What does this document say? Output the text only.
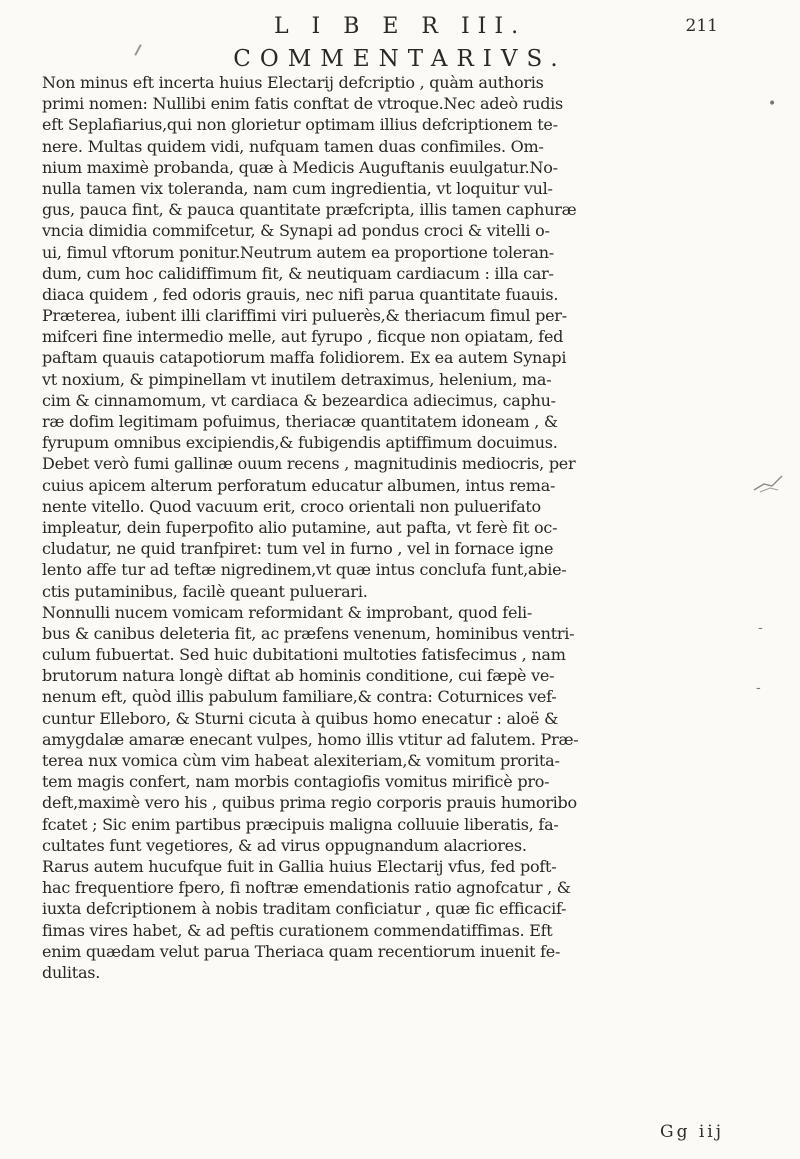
L I B E R III.	211
COMMENTARIVS.
Non minus eft incerta huius Electarij defcriptio , quàm authoris
primi nomen: Nullibi enim fatis conftat de vtroque.Nec adeò rudis
eft Seplafiarius,qui non glorietur optimam illius defcriptionem te-
nere. Multas quidem vidi, nufquam tamen duas confimiles. Om-
nium maximè probanda, quæ à Medicis Auguftanis euulgatur.No-
nulla tamen vix toleranda, nam cum ingredientia, vt loquitur vul-
gus, pauca fint, & pauca quantitate præfcripta, illis tamen caphuræ
vncia dimidia commifcetur, & Synapi ad pondus croci & vitelli o-
ui, fimul vftorum ponitur.Neutrum autem ea proportione toleran-
dum, cum hoc calidiffimum fit, & neutiquam cardiacum : illa car-
diaca quidem , fed odoris grauis, nec nifi parua quantitate fuauis.
Præterea, iubent illi clariffimi viri puluerès,& theriacum fimul per-
mifceri fine intermedio melle, aut fyrupo , ficque non opiatam, fed
paftam quauis catapotiorum maffa folidiorem. Ex ea autem Synapi
vt noxium, & pimpinellam vt inutilem detraximus, helenium, ma-
cim & cinnamomum, vt cardiaca & bezeardica adiecimus, caphu-
ræ dofim legitimam pofuimus, theriacæ quantitatem idoneam , &
fyrupum omnibus excipiendis,& fubigendis aptiffimum docuimus.
Debet verò fumi gallinæ ouum recens , magnitudinis mediocris, per
cuius apicem alterum perforatum educatur albumen, intus rema-
nente vitello. Quod vacuum erit, croco orientali non puluerifato
impleatur, dein fuperpofito alio putamine, aut pafta, vt ferè fit oc-
cludatur, ne quid tranfpiret: tum vel in furno , vel in fornace igne
lento affe tur ad teftæ nigredinem,vt quæ intus conclufa funt,abie-
ctis putaminibus, facilè queant puluerari.
Nonnulli nucem vomicam reformidant & improbant, quod feli-
bus & canibus deleteria fit, ac præfens venenum, hominibus ventri-
culum fubuertat. Sed huic dubitationi multoties fatisfecimus , nam
brutorum natura longè diftat ab hominis conditione, cui fæpè ve-
nenum eft, quòd illis pabulum familiare,& contra: Coturnices vef-
cuntur Elleboro, & Sturni cicuta à quibus homo enecatur : aloë &
amygdalæ amaræ enecant vulpes, homo illis vtitur ad falutem. Præ-
terea nux vomica cùm vim habeat alexiteriam,& vomitum prorita-
tem magis confert, nam morbis contagiofis vomitus mirificè pro-
deft,maximè vero his , quibus prima regio corporis prauis humoribo
fcatet ; Sic enim partibus præcipuis maligna colluuie liberatis, fa-
cultates funt vegetiores, & ad virus oppugnandum alacriores.
Rarus autem hucufque fuit in Gallia huius Electarij vfus, fed poft-
hac frequentiore fpero, fi noftræ emendationis ratio agnofcatur , &
iuxta defcriptionem à nobis traditam conficiatur , quæ fic efficacif-
fimas vires habet, & ad peftis curationem commendatiffimas. Eft
enim quædam velut parua Theriaca quam recentiorum inuenit fe-
dulitas.
Gg iij
•
-
-
